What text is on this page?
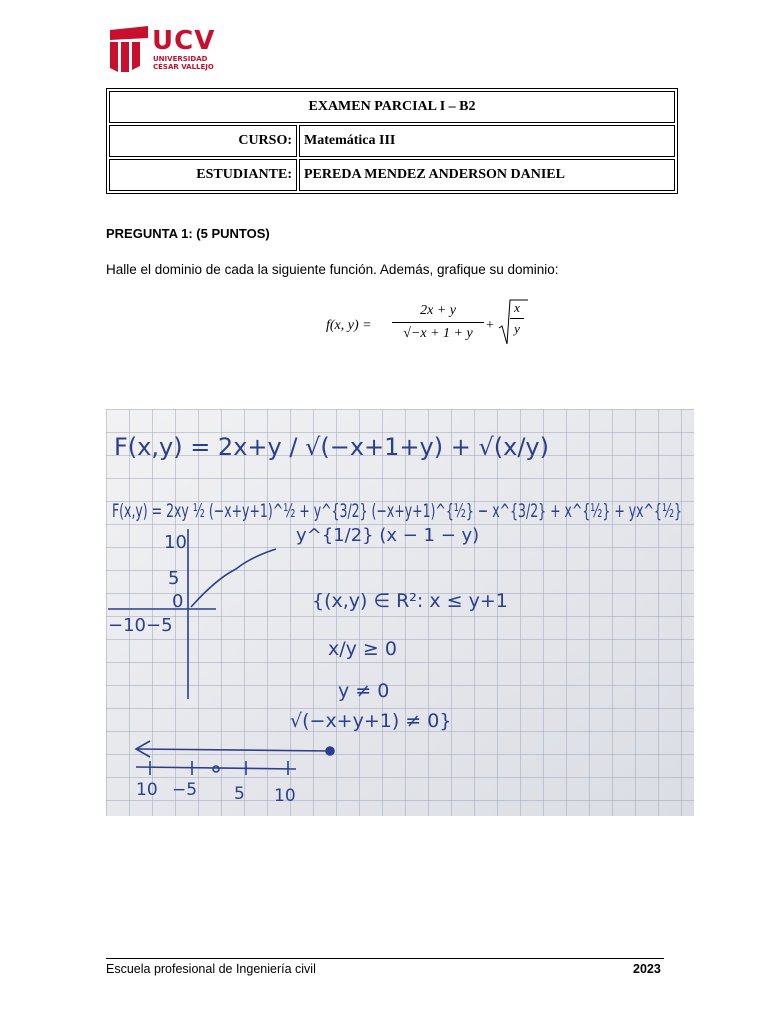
UCV
UNIVERSIDAD
CÉSAR VALLEJO
EXAMEN PARCIAL I – B2	
CURSO:	Matemática III
ESTUDIANTE:	PEREDA MENDEZ ANDERSON DANIEL
PREGUNTA 1: (5 PUNTOS)
Halle el dominio de cada la siguiente función. Además, grafique su dominio:
f(x, y) =
2x + y
√−x + 1 + y
+
x
y
F(x,y) = 2x+y / √(−x+1+y) + √(x/y)
F(x,y) = 2xy ½ (−x+y+1)^½ + y^{3/2} (−x+y+1)^{½} − x^{3/2} + x^{½} + yx^{½}
y^{1/2} (x − 1 − y)
10
5
0
−10 −5
{(x,y) ∈ R²: x ≤ y+1
x/y ≥ 0
y ≠ 0
√(−x+y+1) ≠ 0}
10 −5 5 10
Escuela profesional de Ingeniería civil	2023
